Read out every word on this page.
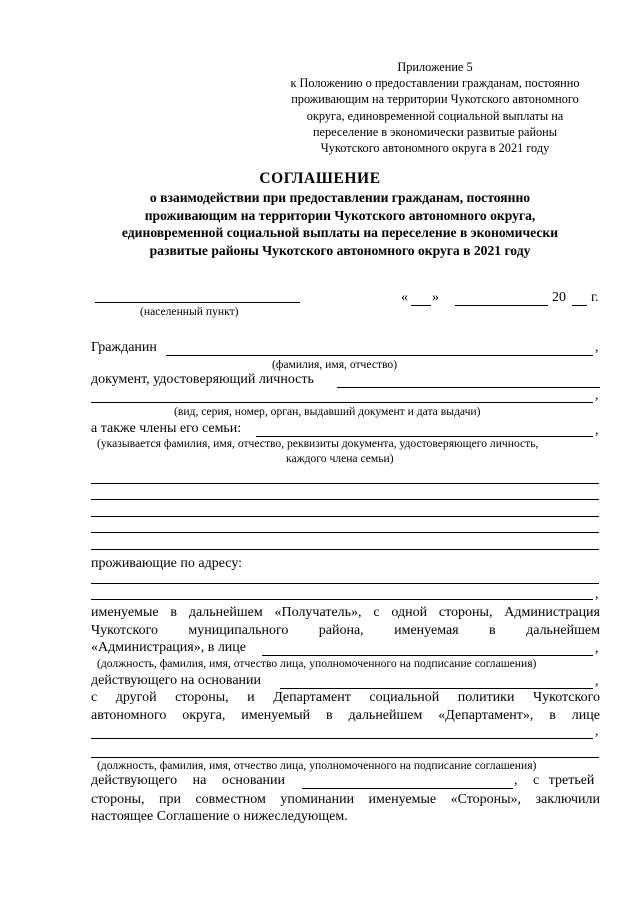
Приложение 5
к Положению о предоставлении гражданам, постоянно
проживающим на территории Чукотского автономного
округа, единовременной социальной выплаты на
переселение в экономически развитые районы
Чукотского автономного округа в 2021 году
СОГЛАШЕНИЕ
о взаимодействии при предоставлении гражданам, постоянно
проживающим на территории Чукотского автономного округа,
единовременной социальной выплаты на переселение в экономически
развитые районы Чукотского автономного округа в 2021 году
(населенный пункт)
« »	20 г.
Гражданин	,
(фамилия, имя, отчество)
документ, удостоверяющий личность
,
(вид, серия, номер, орган, выдавший документ и дата выдачи)
а также члены его семьи:	,
(указывается фамилия, имя, отчество, реквизиты документа, удостоверяющего личность,
каждого члена семьи)
проживающие по адресу:
,
именуемые в дальнейшем «Получатель», с одной стороны, Администрация
Чукотского муниципального района, именуемая в дальнейшем
«Администрация», в лице	,
(должность, фамилия, имя, отчество лица, уполномоченного на подписание соглашения)
действующего на основании	,
с другой стороны, и Департамент социальной политики Чукотского
автономного округа, именуемый в дальнейшем «Департамент», в лице
,
(должность, фамилия, имя, отчество лица, уполномоченного на подписание соглашения)
действующего на основании	, с третьей
стороны, при совместном упоминании именуемые «Стороны», заключили
настоящее Соглашение о нижеследующем.
